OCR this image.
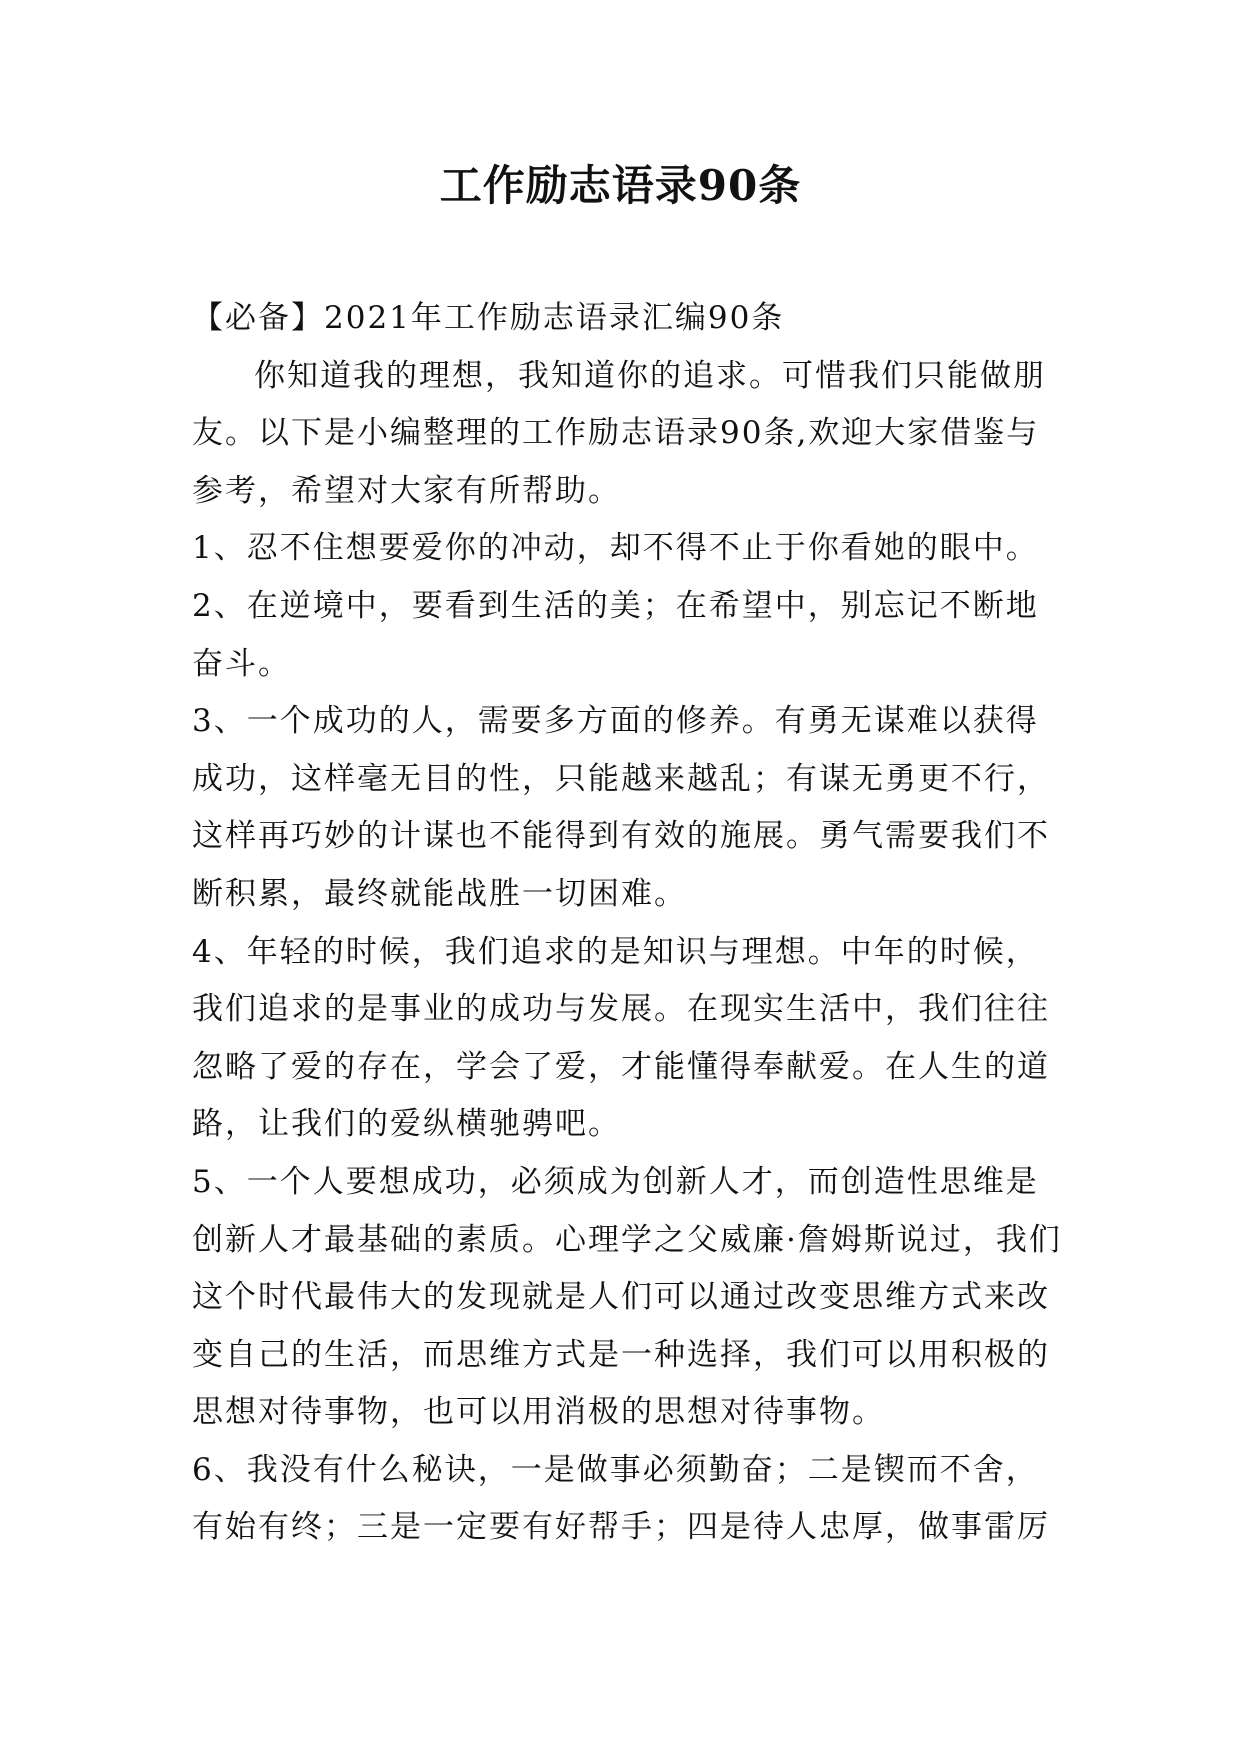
工作励志语录90条

【必备】2021年工作励志语录汇编90条

你知道我的理想，我知道你的追求。可惜我们只能做朋友。以下是小编整理的工作励志语录90条,欢迎大家借鉴与参考，希望对大家有所帮助。

1、忍不住想要爱你的冲动，却不得不止于你看她的眼中。

2、在逆境中，要看到生活的美；在希望中，别忘记不断地奋斗。

3、一个成功的人，需要多方面的修养。有勇无谋难以获得成功，这样毫无目的性，只能越来越乱；有谋无勇更不行，这样再巧妙的计谋也不能得到有效的施展。勇气需要我们不断积累，最终就能战胜一切困难。

4、年轻的时候，我们追求的是知识与理想。中年的时候，我们追求的是事业的成功与发展。在现实生活中，我们往往忽略了爱的存在，学会了爱，才能懂得奉献爱。在人生的道路，让我们的爱纵横驰骋吧。

5、一个人要想成功，必须成为创新人才，而创造性思维是创新人才最基础的素质。心理学之父威廉·詹姆斯说过，我们这个时代最伟大的发现就是人们可以通过改变思维方式来改变自己的生活，而思维方式是一种选择，我们可以用积极的思想对待事物，也可以用消极的思想对待事物。

6、我没有什么秘诀，一是做事必须勤奋；二是锲而不舍，有始有终；三是一定要有好帮手；四是待人忠厚，做事雷厉
